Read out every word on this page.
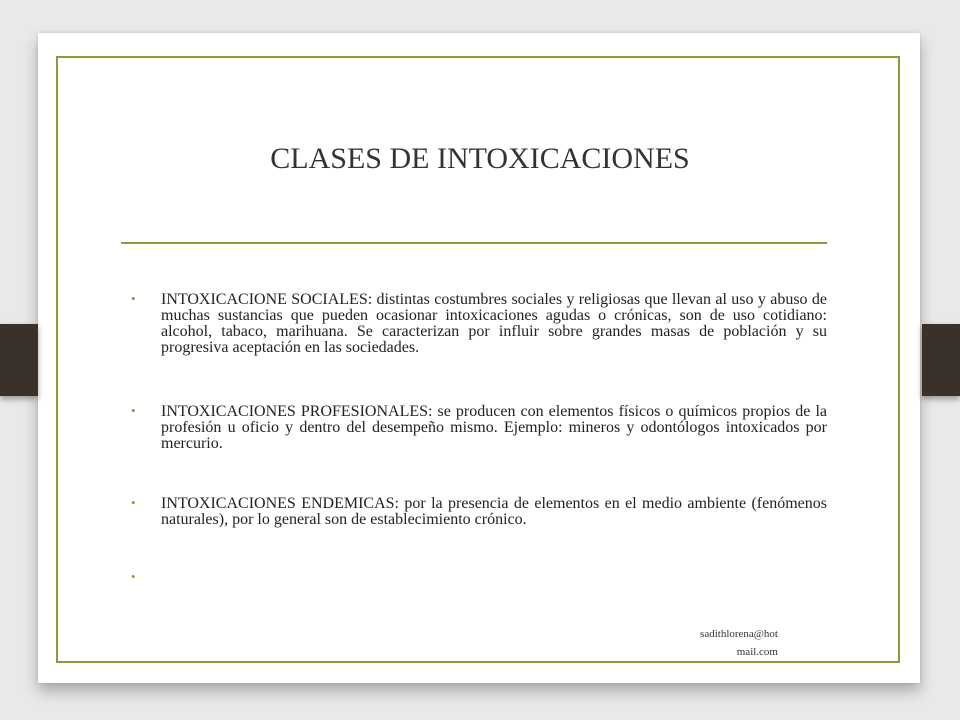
CLASES DE INTOXICACIONES
• INTOXICACIONE SOCIALES: distintas costumbres sociales y religiosas que llevan al uso y abuso de muchas sustancias que pueden ocasionar intoxicaciones agudas o crónicas, son de uso cotidiano: alcohol, tabaco, marihuana. Se caracterizan por influir sobre grandes masas de población y su progresiva aceptación en las sociedades.

• INTOXICACIONES PROFESIONALES: se producen con elementos físicos o químicos propios de la profesión u oficio y dentro del desempeño mismo. Ejemplo: mineros y odontólogos intoxicados por mercurio.

• INTOXICACIONES ENDEMICAS: por la presencia de elementos en el medio ambiente (fenómenos naturales), por lo general son de establecimiento crónico.

•

sadithlorena@hot
mail.com
